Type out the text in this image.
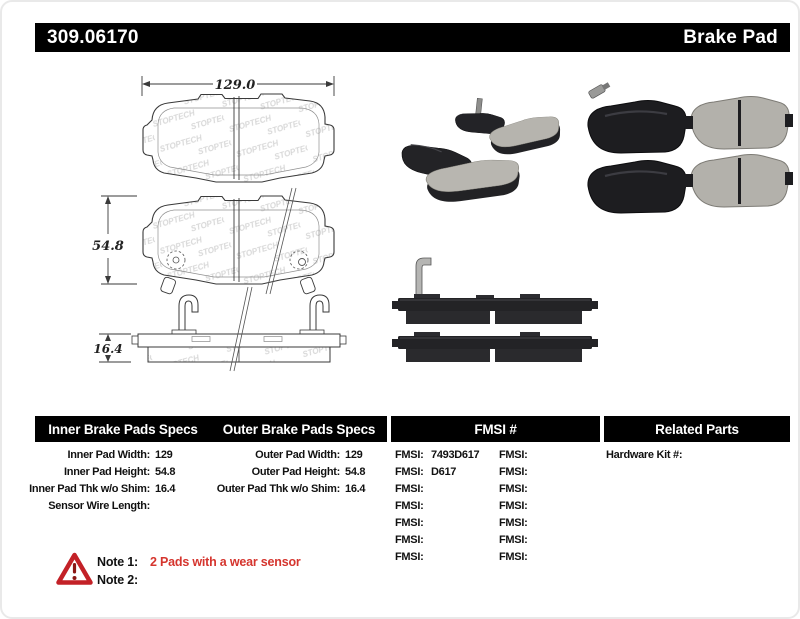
309.06170	Brake Pad
129.0
54.8
16.4
Inner Brake Pads Specs	Outer Brake Pads Specs	FMSI #	Related Parts
Inner Pad Width: 129
Inner Pad Height: 54.8
Inner Pad Thk w/o Shim: 16.4
Sensor Wire Length:
Outer Pad Width: 129
Outer Pad Height: 54.8
Outer Pad Thk w/o Shim: 16.4
FMSI: 7493D617
FMSI: D617
FMSI:
FMSI:
FMSI:
FMSI:
FMSI:
FMSI:
FMSI:
FMSI:
FMSI:
FMSI:
FMSI:
FMSI:
Hardware Kit #:
Note 1: 2 Pads with a wear sensor
Note 2:
